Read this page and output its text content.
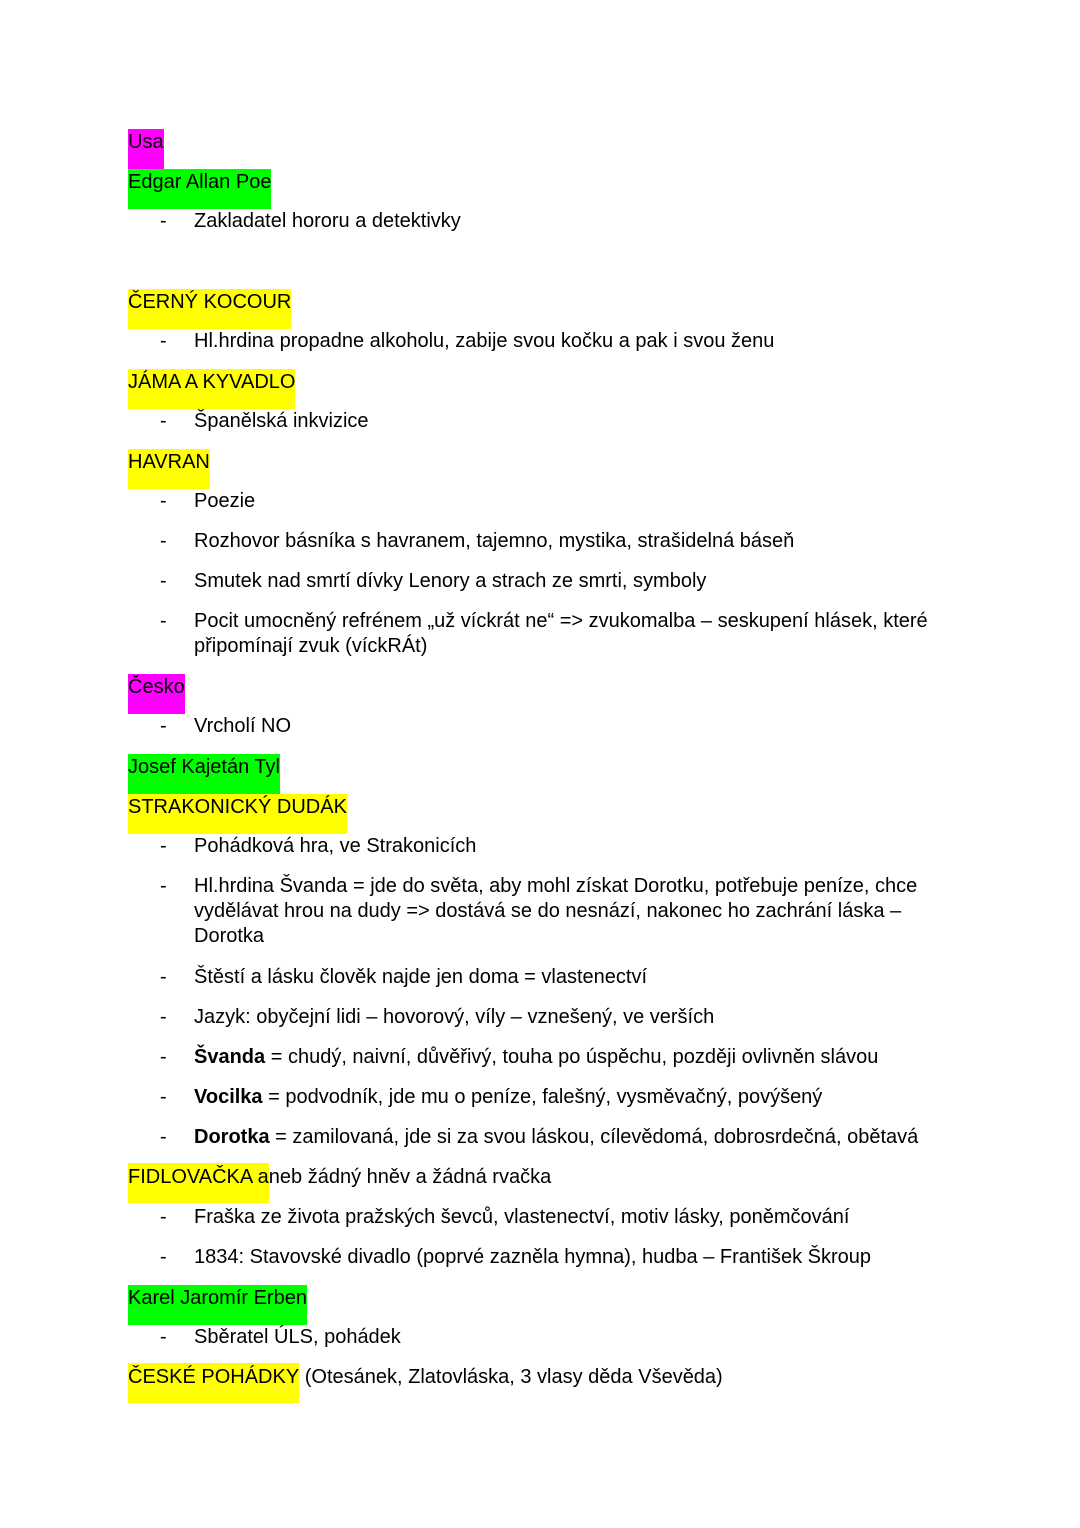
Usa
Edgar Allan Poe
- Zakladatel hororu a detektivky
ČERNÝ KOCOUR
- Hl.hrdina propadne alkoholu, zabije svou kočku a pak i svou ženu
JÁMA A KYVADLO
- Španělská inkvizice
HAVRAN
- Poezie
- Rozhovor básníka s havranem, tajemno, mystika, strašidelná báseň
- Smutek nad smrtí dívky Lenory a strach ze smrti, symboly
- Pocit umocněný refrénem „už víckrát ne“ => zvukomalba – seskupení hlásek, které připomínají zvuk (víckRÁt)
Česko
- Vrcholí NO
Josef Kajetán Tyl
STRAKONICKÝ DUDÁK
- Pohádková hra, ve Strakonicích
- Hl.hrdina Švanda = jde do světa, aby mohl získat Dorotku, potřebuje peníze, chce vydělávat hrou na dudy => dostává se do nesnází, nakonec ho zachrání láska – Dorotka
- Štěstí a lásku člověk najde jen doma = vlastenectví
- Jazyk: obyčejní lidi – hovorový, víly – vznešený, ve verších
- Švanda = chudý, naivní, důvěřivý, touha po úspěchu, později ovlivněn slávou
- Vocilka = podvodník, jde mu o peníze, falešný, vysměvačný, povýšený
- Dorotka = zamilovaná, jde si za svou láskou, cílevědomá, dobrosrdečná, obětavá
FIDLOVAČKA aneb žádný hněv a žádná rvačka
- Fraška ze života pražských ševců, vlastenectví, motiv lásky, poněmčování
- 1834: Stavovské divadlo (poprvé zazněla hymna), hudba – František Škroup
Karel Jaromír Erben
- Sběratel ÚLS, pohádek
ČESKÉ POHÁDKY (Otesánek, Zlatovláska, 3 vlasy děda Vševěda)
